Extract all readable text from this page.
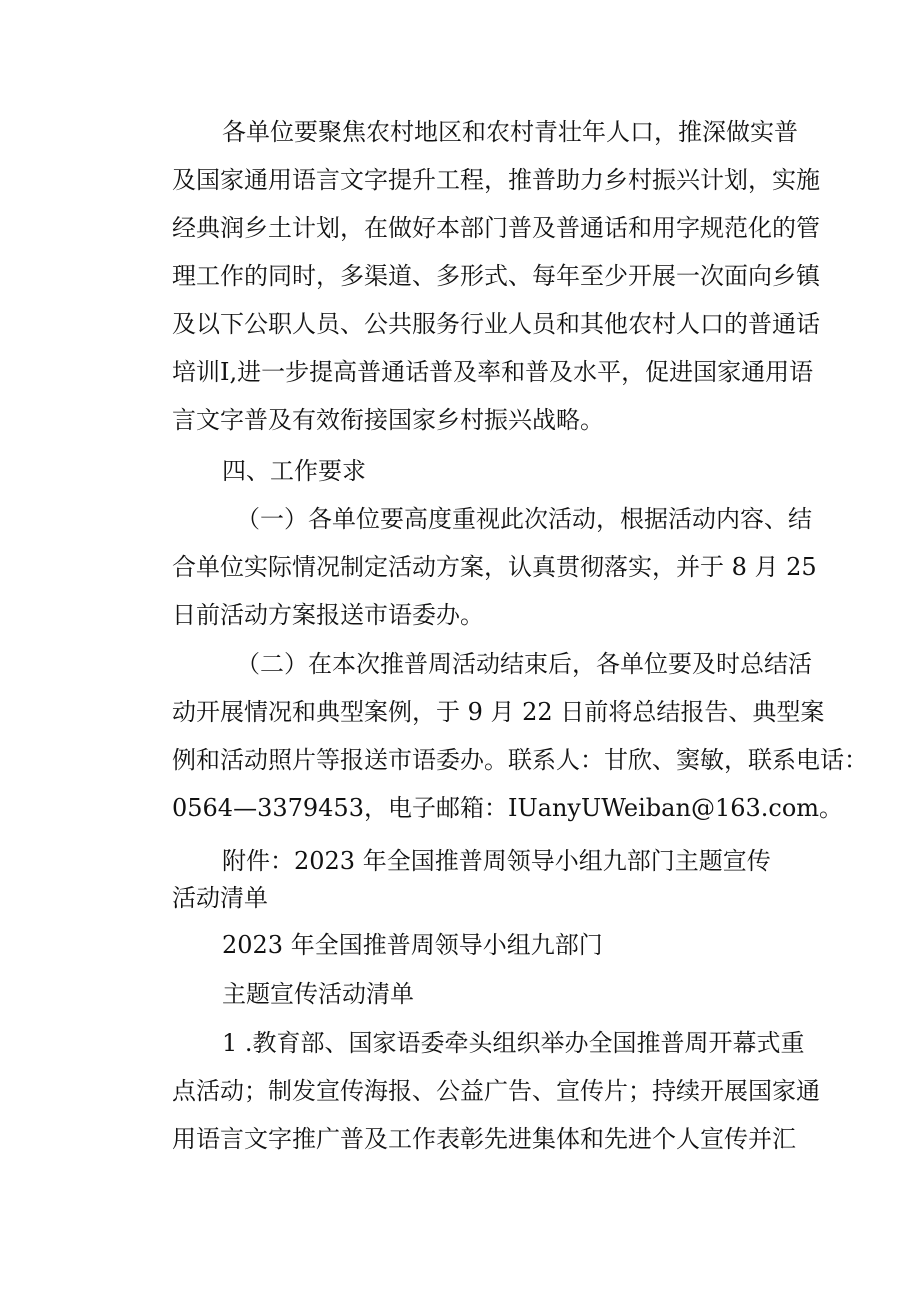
各单位要聚焦农村地区和农村青壮年人口，推深做实普
及国家通用语言文字提升工程，推普助力乡村振兴计划，实施
经典润乡土计划，在做好本部门普及普通话和用字规范化的管
理工作的同时，多渠道、多形式、每年至少开展一次面向乡镇
及以下公职人员、公共服务行业人员和其他农村人口的普通话
培训I,进一步提高普通话普及率和普及水平，促进国家通用语
言文字普及有效衔接国家乡村振兴战略。
四、工作要求
（一）各单位要高度重视此次活动，根据活动内容、结
合单位实际情况制定活动方案，认真贯彻落实，并于 8 月 25
日前活动方案报送市语委办。
（二）在本次推普周活动结束后，各单位要及时总结活
动开展情况和典型案例，于 9 月 22 日前将总结报告、典型案
例和活动照片等报送市语委办。联系人：甘欣、窦敏，联系电话：
0564—3379453，电子邮箱：IUanyUWeiban@163.com。
附件：2023 年全国推普周领导小组九部门主题宣传
活动清单
2023 年全国推普周领导小组九部门
主题宣传活动清单
1 .教育部、国家语委牵头组织举办全国推普周开幕式重
点活动；制发宣传海报、公益广告、宣传片；持续开展国家通
用语言文字推广普及工作表彰先进集体和先进个人宣传并汇
